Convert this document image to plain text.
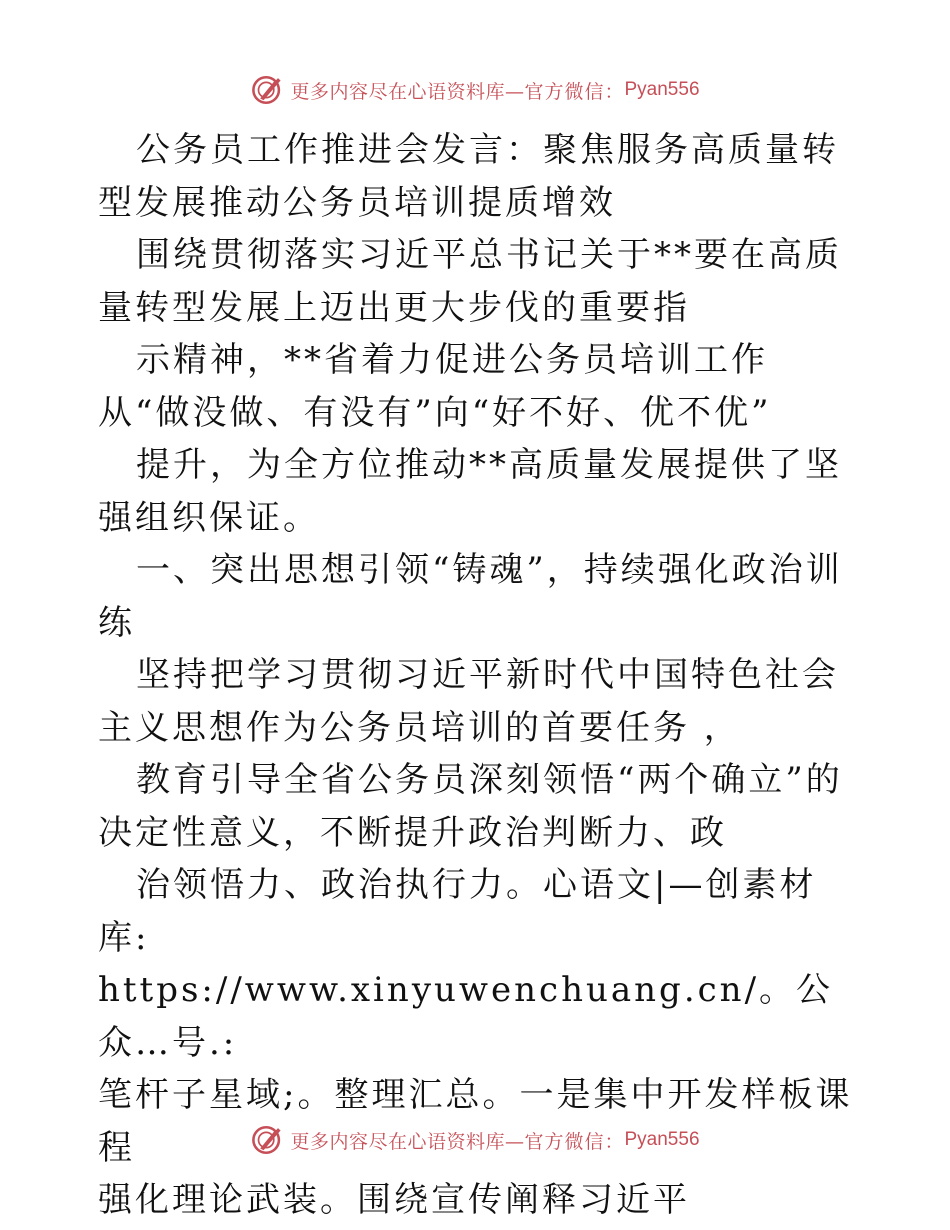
更多内容尽在心语资料库— 官方微信： Pyan556

公务员工作推进会发言：聚焦服务高质量转型发展推动公务员培训提质增效

围绕贯彻落实习近平总书记关于**要在高质量转型发展上迈出更大步伐的重要指

示精神，**省着力促进公务员培训工作从“做没做、有没有”向“好不好、优不优”

提升，为全方位推动**高质量发展提供了坚强组织保证。

一、突出思想引领“铸魂”，持续强化政治训练

坚持把学习贯彻习近平新时代中国特色社会主义思想作为公务员培训的首要任务 ，

教育引导全省公务员深刻领悟“两个确立”的决定性意义，不断提升政治判断力、政

治领悟力、政治执行力。心语文|—创素材库:

https://www.xinyuwenchuang.cn/。公众…号.:

笔杆子星域;。整理汇总。一是集中开发样板课程

强化理论武装。围绕宣传阐释习近平

更多内容尽在心语资料库— 官方微信： Pyan556
